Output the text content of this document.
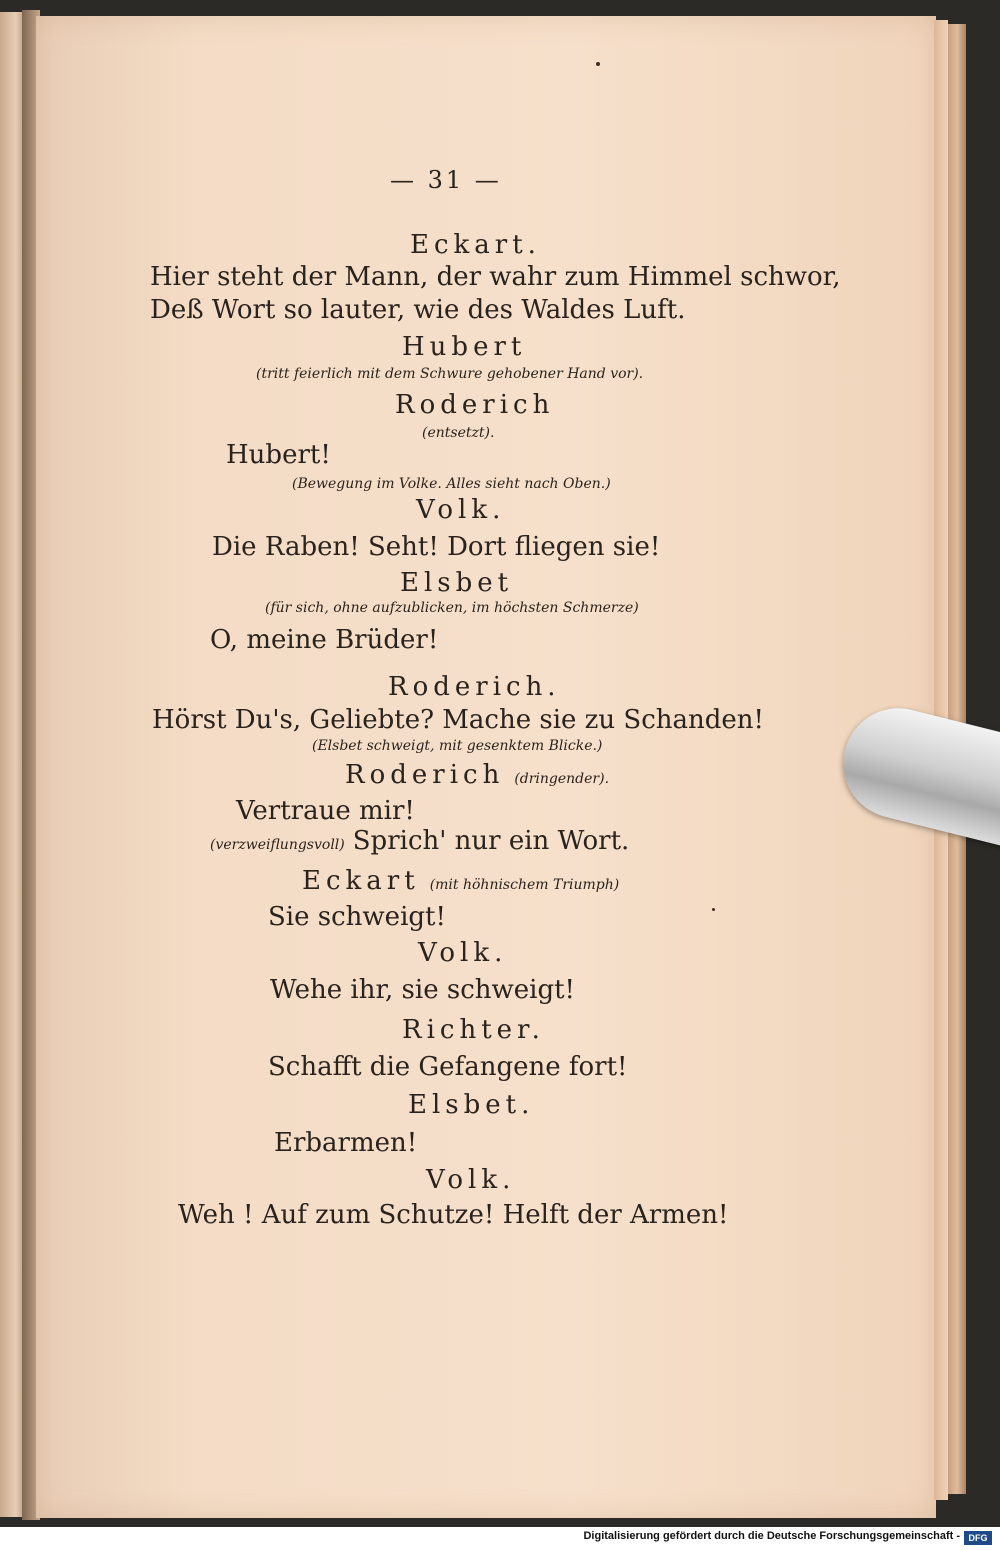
— 31 —
Eckart.
Hier steht der Mann, der wahr zum Himmel schwor,
Deß Wort so lauter, wie des Waldes Luft.
Hubert
(tritt feierlich mit dem Schwure gehobener Hand vor).
Roderich
(entsetzt).
Hubert!
(Bewegung im Volke. Alles sieht nach Oben.)
Volk.
Die Raben! Seht! Dort fliegen sie!
Elsbet
(für sich, ohne aufzublicken, im höchsten Schmerze)
O, meine Brüder!
Roderich.
Hörst Du's, Geliebte? Mache sie zu Schanden!
(Elsbet schweigt, mit gesenktem Blicke.)
Roderich (dringender).
Vertraue mir!
(verzweiflungsvoll) Sprich' nur ein Wort.
Eckart (mit höhnischem Triumph)
Sie schweigt!
Volk.
Wehe ihr, sie schweigt!
Richter.
Schafft die Gefangene fort!
Elsbet.
Erbarmen!
Volk.
Weh ! Auf zum Schutze! Helft der Armen!
Digitalisierung gefördert durch die Deutsche Forschungsgemeinschaft - DFG
